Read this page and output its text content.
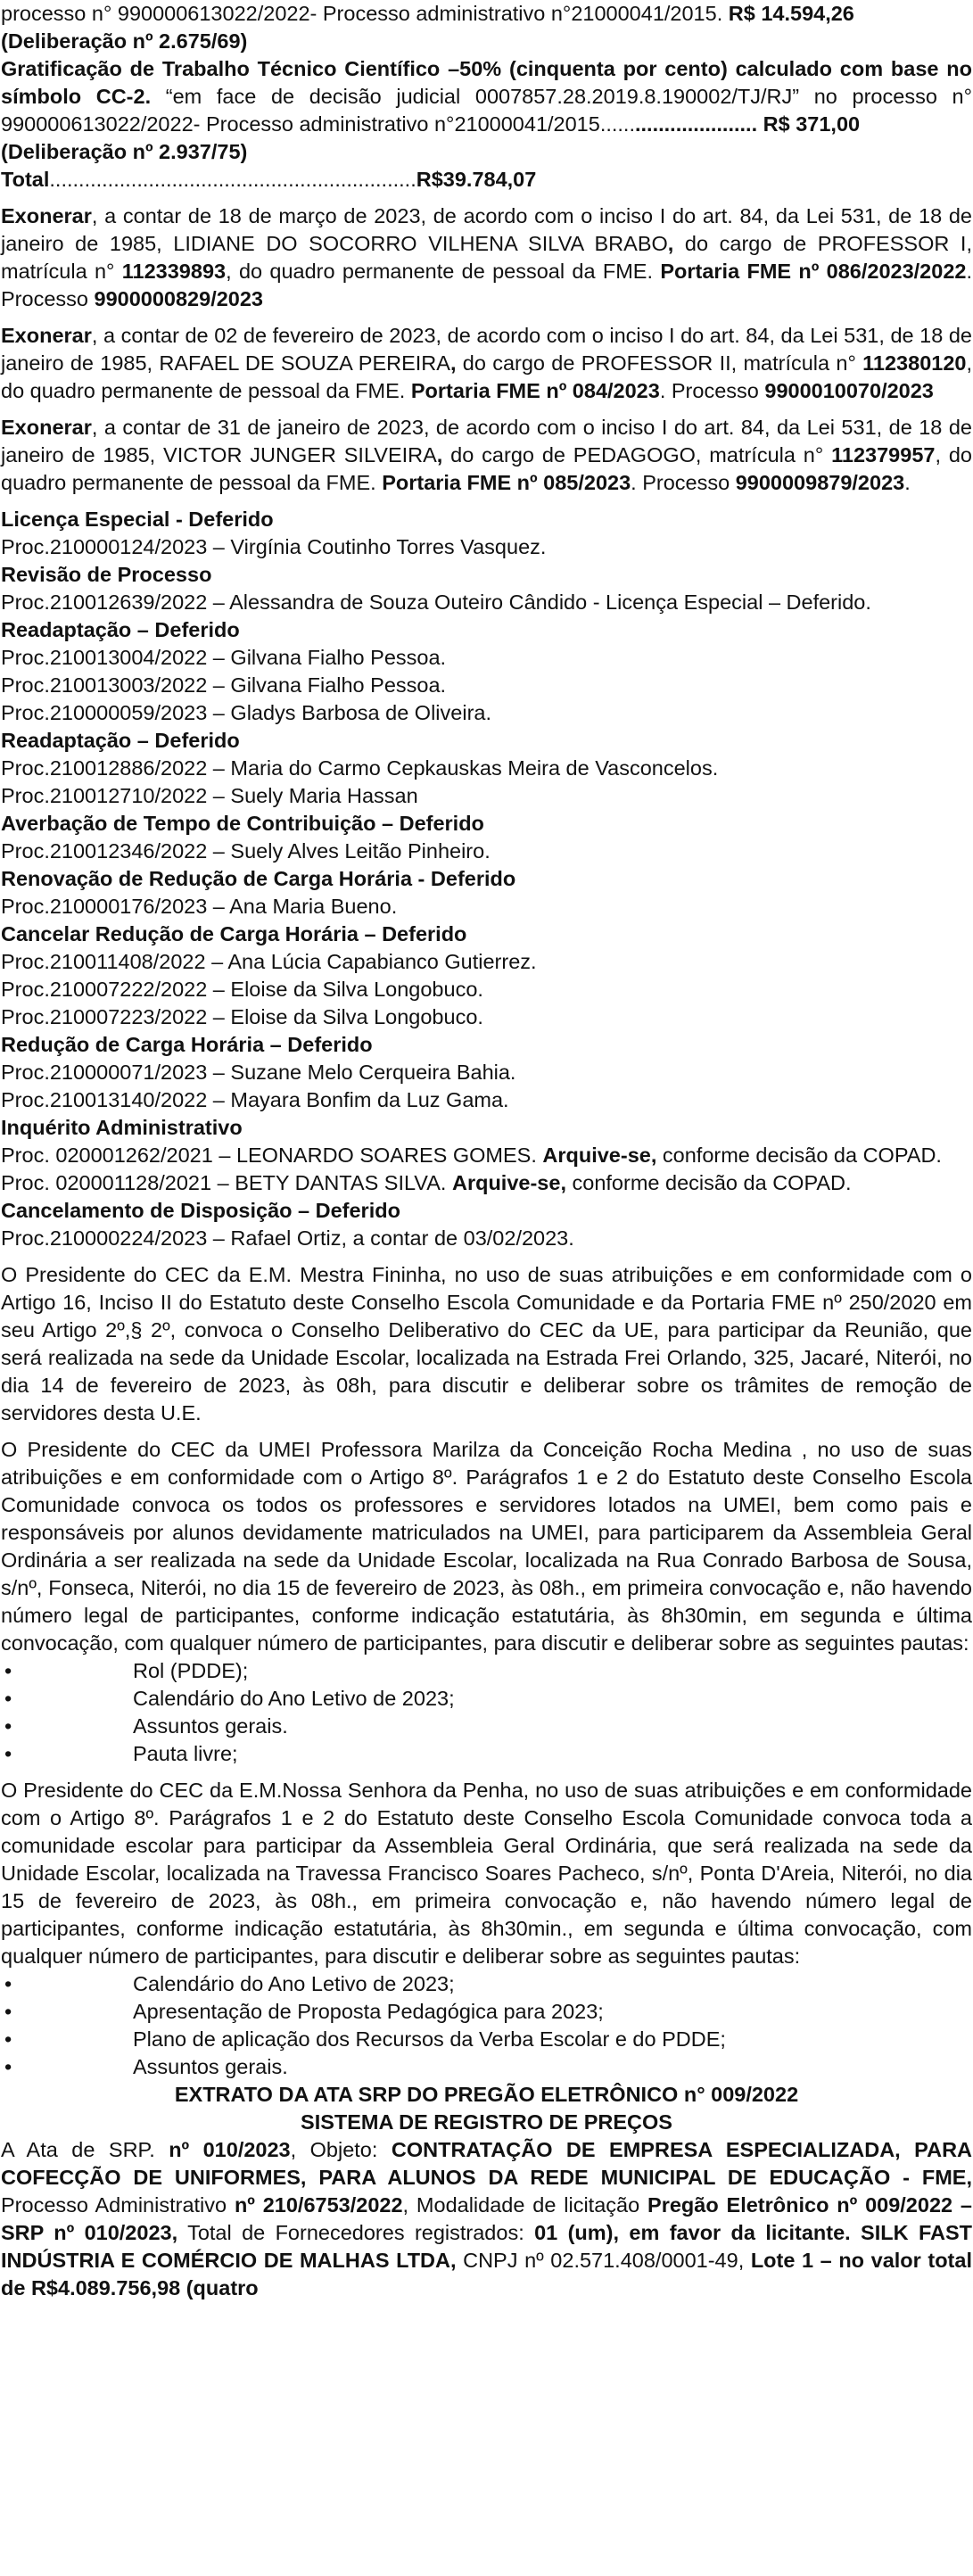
processo n° 990000613022/2022- Processo administrativo n°21000041/2015. R$ 14.594,26
(Deliberação nº 2.675/69)

Gratificação de Trabalho Técnico Científico –50% (cinquenta por cento) calculado com base no símbolo CC-2. “em face de decisão judicial 0007857.28.2019.8.190002/TJ/RJ” no processo n° 990000613022/2022- Processo administrativo n°21000041/2015........................... R$ 371,00
(Deliberação nº 2.937/75)
Total...............................................................R$39.784,07

Exonerar, a contar de 18 de março de 2023, de acordo com o inciso I do art. 84, da Lei 531, de 18 de janeiro de 1985, LIDIANE DO SOCORRO VILHENA SILVA BRABO, do cargo de PROFESSOR I, matrícula n° 112339893, do quadro permanente de pessoal da FME. Portaria FME nº 086/2023/2022. Processo 9900000829/2023

Exonerar, a contar de 02 de fevereiro de 2023, de acordo com o inciso I do art. 84, da Lei 531, de 18 de janeiro de 1985, RAFAEL DE SOUZA PEREIRA, do cargo de PROFESSOR II, matrícula n° 112380120, do quadro permanente de pessoal da FME. Portaria FME nº 084/2023. Processo 9900010070/2023

Exonerar, a contar de 31 de janeiro de 2023, de acordo com o inciso I do art. 84, da Lei 531, de 18 de janeiro de 1985, VICTOR JUNGER SILVEIRA, do cargo de PEDAGOGO, matrícula n° 112379957, do quadro permanente de pessoal da FME. Portaria FME nº 085/2023. Processo 9900009879/2023.

Licença Especial - Deferido

Proc.210000124/2023 – Virgínia Coutinho Torres Vasquez.

Revisão de Processo

Proc.210012639/2022 – Alessandra de Souza Outeiro Cândido - Licença Especial – Deferido.

Readaptação – Deferido

Proc.210013004/2022 – Gilvana Fialho Pessoa.

Proc.210013003/2022 – Gilvana Fialho Pessoa.

Proc.210000059/2023 – Gladys Barbosa de Oliveira.

Readaptação – Deferido

Proc.210012886/2022 – Maria do Carmo Cepkauskas Meira de Vasconcelos.

Proc.210012710/2022 – Suely Maria Hassan

Averbação de Tempo de Contribuição – Deferido

Proc.210012346/2022 – Suely Alves Leitão Pinheiro.

Renovação de Redução de Carga Horária - Deferido

Proc.210000176/2023 – Ana Maria Bueno.

Cancelar Redução de Carga Horária – Deferido

Proc.210011408/2022 – Ana Lúcia Capabianco Gutierrez.

Proc.210007222/2022 – Eloise da Silva Longobuco.

Proc.210007223/2022 – Eloise da Silva Longobuco.

Redução de Carga Horária – Deferido

Proc.210000071/2023 – Suzane Melo Cerqueira Bahia.

Proc.210013140/2022 – Mayara Bonfim da Luz Gama.

Inquérito Administrativo

Proc. 020001262/2021 – LEONARDO SOARES GOMES. Arquive-se, conforme decisão da COPAD.

Proc. 020001128/2021 – BETY DANTAS SILVA. Arquive-se, conforme decisão da COPAD.

Cancelamento de Disposição – Deferido

Proc.210000224/2023 – Rafael Ortiz, a contar de 03/02/2023.

O Presidente do CEC da E.M. Mestra Fininha, no uso de suas atribuições e em conformidade com o Artigo 16, Inciso II do Estatuto deste Conselho Escola Comunidade e da Portaria FME nº 250/2020 em seu Artigo 2º,§ 2º, convoca o Conselho Deliberativo do CEC da UE, para participar da Reunião, que será realizada na sede da Unidade Escolar, localizada na Estrada Frei Orlando, 325, Jacaré, Niterói, no dia 14 de fevereiro de 2023, às 08h, para discutir e deliberar sobre os trâmites de remoção de servidores desta U.E.

O Presidente do CEC da UMEI Professora Marilza da Conceição Rocha Medina , no uso de suas atribuições e em conformidade com o Artigo 8º. Parágrafos 1 e 2 do Estatuto deste Conselho Escola Comunidade convoca os todos os professores e servidores lotados na UMEI, bem como pais e responsáveis por alunos devidamente matriculados na UMEI, para participarem da Assembleia Geral Ordinária a ser realizada na sede da Unidade Escolar, localizada na Rua Conrado Barbosa de Sousa, s/nº, Fonseca, Niterói, no dia 15 de fevereiro de 2023, às 08h., em primeira convocação e, não havendo número legal de participantes, conforme indicação estatutária, às 8h30min, em segunda e última convocação, com qualquer número de participantes, para discutir e deliberar sobre as seguintes pautas:

• Rol (PDDE);
• Calendário do Ano Letivo de 2023;
• Assuntos gerais.
• Pauta livre;

O Presidente do CEC da E.M.Nossa Senhora da Penha, no uso de suas atribuições e em conformidade com o Artigo 8º. Parágrafos 1 e 2 do Estatuto deste Conselho Escola Comunidade convoca toda a comunidade escolar para participar da Assembleia Geral Ordinária, que será realizada na sede da Unidade Escolar, localizada na Travessa Francisco Soares Pacheco, s/nº, Ponta D'Areia, Niterói, no dia 15 de fevereiro de 2023, às 08h., em primeira convocação e, não havendo número legal de participantes, conforme indicação estatutária, às 8h30min., em segunda e última convocação, com qualquer número de participantes, para discutir e deliberar sobre as seguintes pautas:

• Calendário do Ano Letivo de 2023;
• Apresentação de Proposta Pedagógica para 2023;
• Plano de aplicação dos Recursos da Verba Escolar e do PDDE;
• Assuntos gerais.

EXTRATO DA ATA SRP DO PREGÃO ELETRÔNICO n° 009/2022

SISTEMA DE REGISTRO DE PREÇOS

A Ata de SRP. nº 010/2023, Objeto: CONTRATAÇÃO DE EMPRESA ESPECIALIZADA, PARA COFECÇÃO DE UNIFORMES, PARA ALUNOS DA REDE MUNICIPAL DE EDUCAÇÃO - FME, Processo Administrativo nº 210/6753/2022, Modalidade de licitação Pregão Eletrônico nº 009/2022 – SRP nº 010/2023, Total de Fornecedores registrados: 01 (um), em favor da licitante. SILK FAST INDÚSTRIA E COMÉRCIO DE MALHAS LTDA, CNPJ nº 02.571.408/0001-49, Lote 1 – no valor total de R$4.089.756,98 (quatro
